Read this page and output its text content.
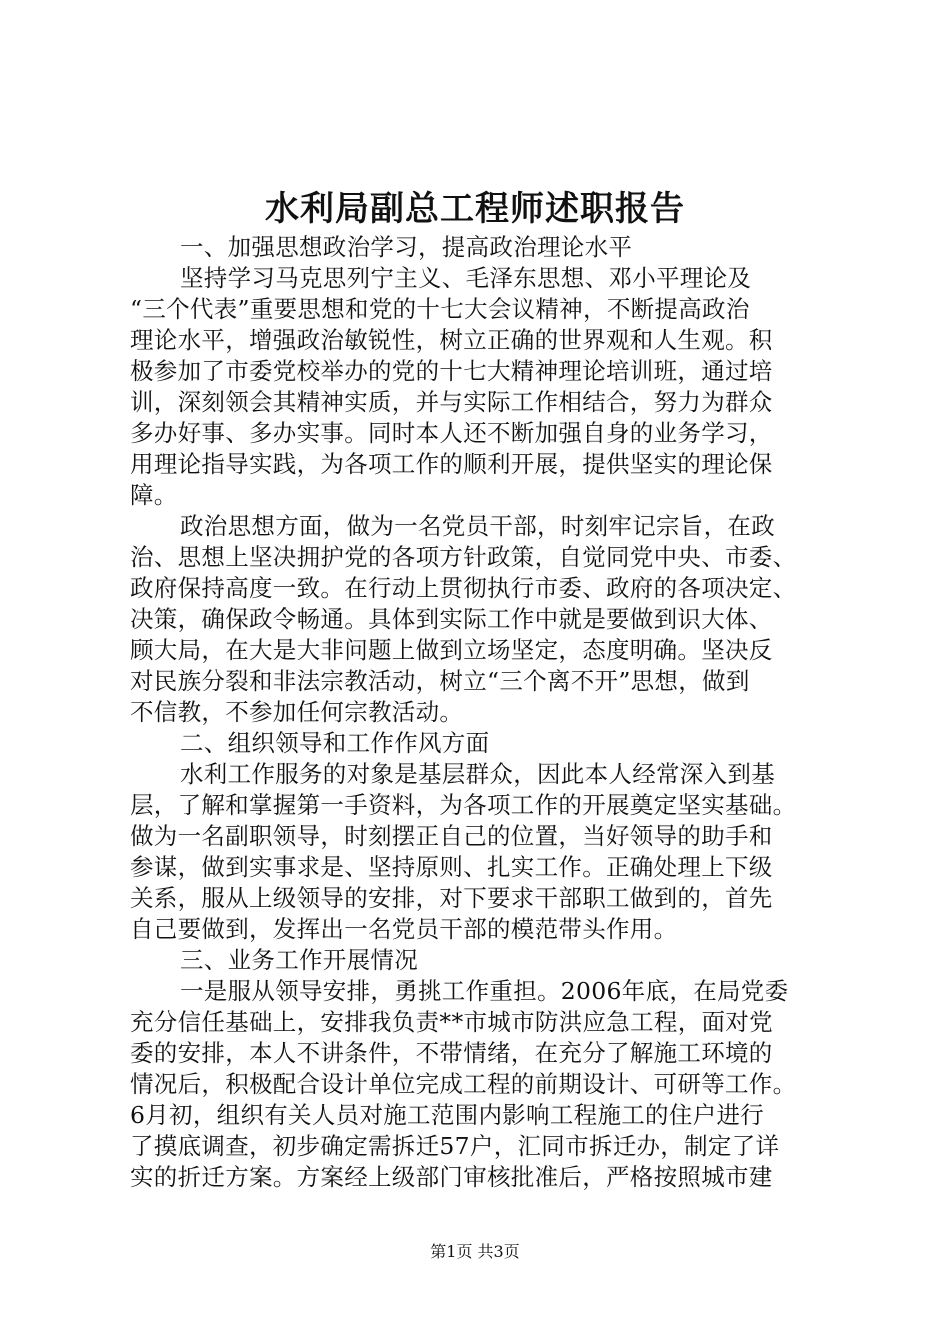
水利局副总工程师述职报告
一、加强思想政治学习，提高政治理论水平
坚持学习马克思列宁主义、毛泽东思想、邓小平理论及
“三个代表”重要思想和党的十七大会议精神，不断提高政治
理论水平，增强政治敏锐性，树立正确的世界观和人生观。积
极参加了市委党校举办的党的十七大精神理论培训班，通过培
训，深刻领会其精神实质，并与实际工作相结合，努力为群众
多办好事、多办实事。同时本人还不断加强自身的业务学习，
用理论指导实践，为各项工作的顺利开展，提供坚实的理论保
障。
政治思想方面，做为一名党员干部，时刻牢记宗旨，在政
治、思想上坚决拥护党的各项方针政策，自觉同党中央、市委、
政府保持高度一致。在行动上贯彻执行市委、政府的各项决定、
决策，确保政令畅通。具体到实际工作中就是要做到识大体、
顾大局，在大是大非问题上做到立场坚定，态度明确。坚决反
对民族分裂和非法宗教活动，树立“三个离不开”思想，做到
不信教，不参加任何宗教活动。
二、组织领导和工作作风方面
水利工作服务的对象是基层群众，因此本人经常深入到基
层，了解和掌握第一手资料，为各项工作的开展奠定坚实基础。
做为一名副职领导，时刻摆正自己的位置，当好领导的助手和
参谋，做到实事求是、坚持原则、扎实工作。正确处理上下级
关系，服从上级领导的安排，对下要求干部职工做到的，首先
自己要做到，发挥出一名党员干部的模范带头作用。
三、业务工作开展情况
一是服从领导安排，勇挑工作重担。2006年底，在局党委
充分信任基础上，安排我负责**市城市防洪应急工程，面对党
委的安排，本人不讲条件，不带情绪，在充分了解施工环境的
情况后，积极配合设计单位完成工程的前期设计、可研等工作。
6月初，组织有关人员对施工范围内影响工程施工的住户进行
了摸底调查，初步确定需拆迁57户，汇同市拆迁办，制定了详
实的折迁方案。方案经上级部门审核批准后，严格按照城市建
第1页 共3页
